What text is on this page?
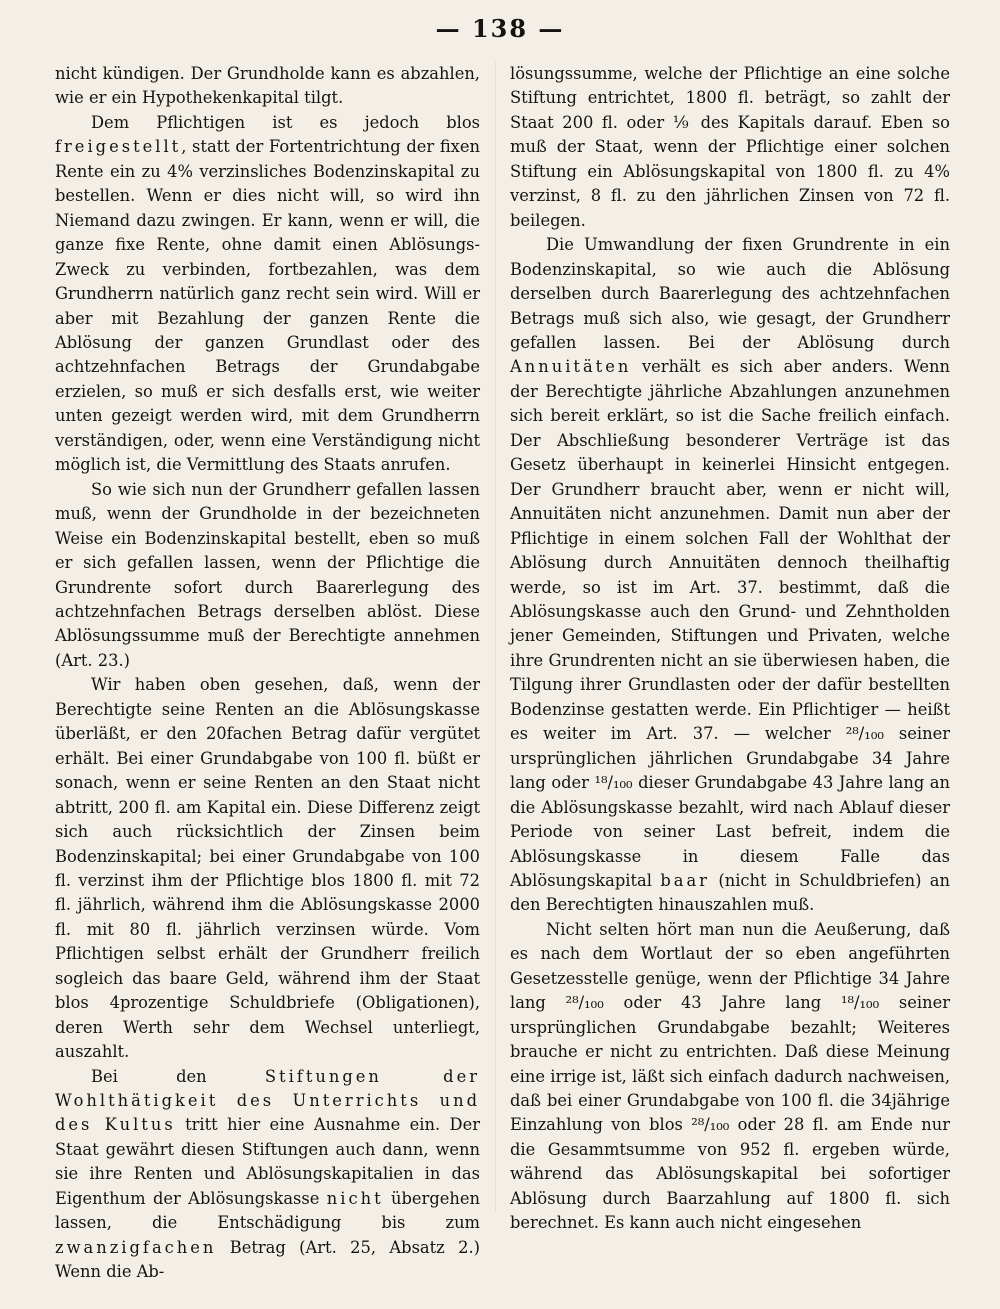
— 138 —

nicht kündigen. Der Grundholde kann es abzahlen, wie er ein Hypothekenkapital tilgt.

Dem Pflichtigen ist es jedoch blos freigestellt, statt der Fortentrichtung der fixen Rente ein zu 4% verzinsliches Bodenzinskapital zu bestellen. Wenn er dies nicht will, so wird ihn Niemand dazu zwingen. Er kann, wenn er will, die ganze fixe Rente, ohne damit einen Ablösungs-Zweck zu verbinden, fortbezahlen, was dem Grundherrn natürlich ganz recht sein wird. Will er aber mit Bezahlung der ganzen Rente die Ablösung der ganzen Grundlast oder des achtzehnfachen Betrags der Grundabgabe erzielen, so muß er sich desfalls erst, wie weiter unten gezeigt werden wird, mit dem Grundherrn verständigen, oder, wenn eine Verständigung nicht möglich ist, die Vermittlung des Staats anrufen.

So wie sich nun der Grundherr gefallen lassen muß, wenn der Grundholde in der bezeichneten Weise ein Bodenzinskapital bestellt, eben so muß er sich gefallen lassen, wenn der Pflichtige die Grundrente sofort durch Baarerlegung des achtzehnfachen Betrags derselben ablöst. Diese Ablösungssumme muß der Berechtigte annehmen (Art. 23.)

Wir haben oben gesehen, daß, wenn der Berechtigte seine Renten an die Ablösungskasse überläßt, er den 20fachen Betrag dafür vergütet erhält. Bei einer Grundabgabe von 100 fl. büßt er sonach, wenn er seine Renten an den Staat nicht abtritt, 200 fl. am Kapital ein. Diese Differenz zeigt sich auch rücksichtlich der Zinsen beim Bodenzinskapital; bei einer Grundabgabe von 100 fl. verzinst ihm der Pflichtige blos 1800 fl. mit 72 fl. jährlich, während ihm die Ablösungskasse 2000 fl. mit 80 fl. jährlich verzinsen würde. Vom Pflichtigen selbst erhält der Grundherr freilich sogleich das baare Geld, während ihm der Staat blos 4prozentige Schuldbriefe (Obligationen), deren Werth sehr dem Wechsel unterliegt, auszahlt.

Bei den Stiftungen der Wohlthätigkeit des Unterrichts und des Kultus tritt hier eine Ausnahme ein. Der Staat gewährt diesen Stiftungen auch dann, wenn sie ihre Renten und Ablösungskapitalien in das Eigenthum der Ablösungskasse nicht übergehen lassen, die Entschädigung bis zum zwanzigfachen Betrag (Art. 25, Absatz 2.) Wenn die Ab-

lösungssumme, welche der Pflichtige an eine solche Stiftung entrichtet, 1800 fl. beträgt, so zahlt der Staat 200 fl. oder ⅑ des Kapitals darauf. Eben so muß der Staat, wenn der Pflichtige einer solchen Stiftung ein Ablösungskapital von 1800 fl. zu 4% verzinst, 8 fl. zu den jährlichen Zinsen von 72 fl. beilegen.

Die Umwandlung der fixen Grundrente in ein Bodenzinskapital, so wie auch die Ablösung derselben durch Baarerlegung des achtzehnfachen Betrags muß sich also, wie gesagt, der Grundherr gefallen lassen. Bei der Ablösung durch Annuitäten verhält es sich aber anders. Wenn der Berechtigte jährliche Abzahlungen anzunehmen sich bereit erklärt, so ist die Sache freilich einfach. Der Abschließung besonderer Verträge ist das Gesetz überhaupt in keinerlei Hinsicht entgegen. Der Grundherr braucht aber, wenn er nicht will, Annuitäten nicht anzunehmen. Damit nun aber der Pflichtige in einem solchen Fall der Wohlthat der Ablösung durch Annuitäten dennoch theilhaftig werde, so ist im Art. 37. bestimmt, daß die Ablösungskasse auch den Grund- und Zehntholden jener Gemeinden, Stiftungen und Privaten, welche ihre Grundrenten nicht an sie überwiesen haben, die Tilgung ihrer Grundlasten oder der dafür bestellten Bodenzinse gestatten werde. Ein Pflichtiger — heißt es weiter im Art. 37. — welcher ²⁸/₁₀₀ seiner ursprünglichen jährlichen Grundabgabe 34 Jahre lang oder ¹⁸/₁₀₀ dieser Grundabgabe 43 Jahre lang an die Ablösungskasse bezahlt, wird nach Ablauf dieser Periode von seiner Last befreit, indem die Ablösungskasse in diesem Falle das Ablösungskapital baar (nicht in Schuldbriefen) an den Berechtigten hinauszahlen muß.

Nicht selten hört man nun die Aeußerung, daß es nach dem Wortlaut der so eben angeführten Gesetzesstelle genüge, wenn der Pflichtige 34 Jahre lang ²⁸/₁₀₀ oder 43 Jahre lang ¹⁸/₁₀₀ seiner ursprünglichen Grundabgabe bezahlt; Weiteres brauche er nicht zu entrichten. Daß diese Meinung eine irrige ist, läßt sich einfach dadurch nachweisen, daß bei einer Grundabgabe von 100 fl. die 34jährige Einzahlung von blos ²⁸/₁₀₀ oder 28 fl. am Ende nur die Gesammtsumme von 952 fl. ergeben würde, während das Ablösungskapital bei sofortiger Ablösung durch Baarzahlung auf 1800 fl. sich berechnet. Es kann auch nicht eingesehen
